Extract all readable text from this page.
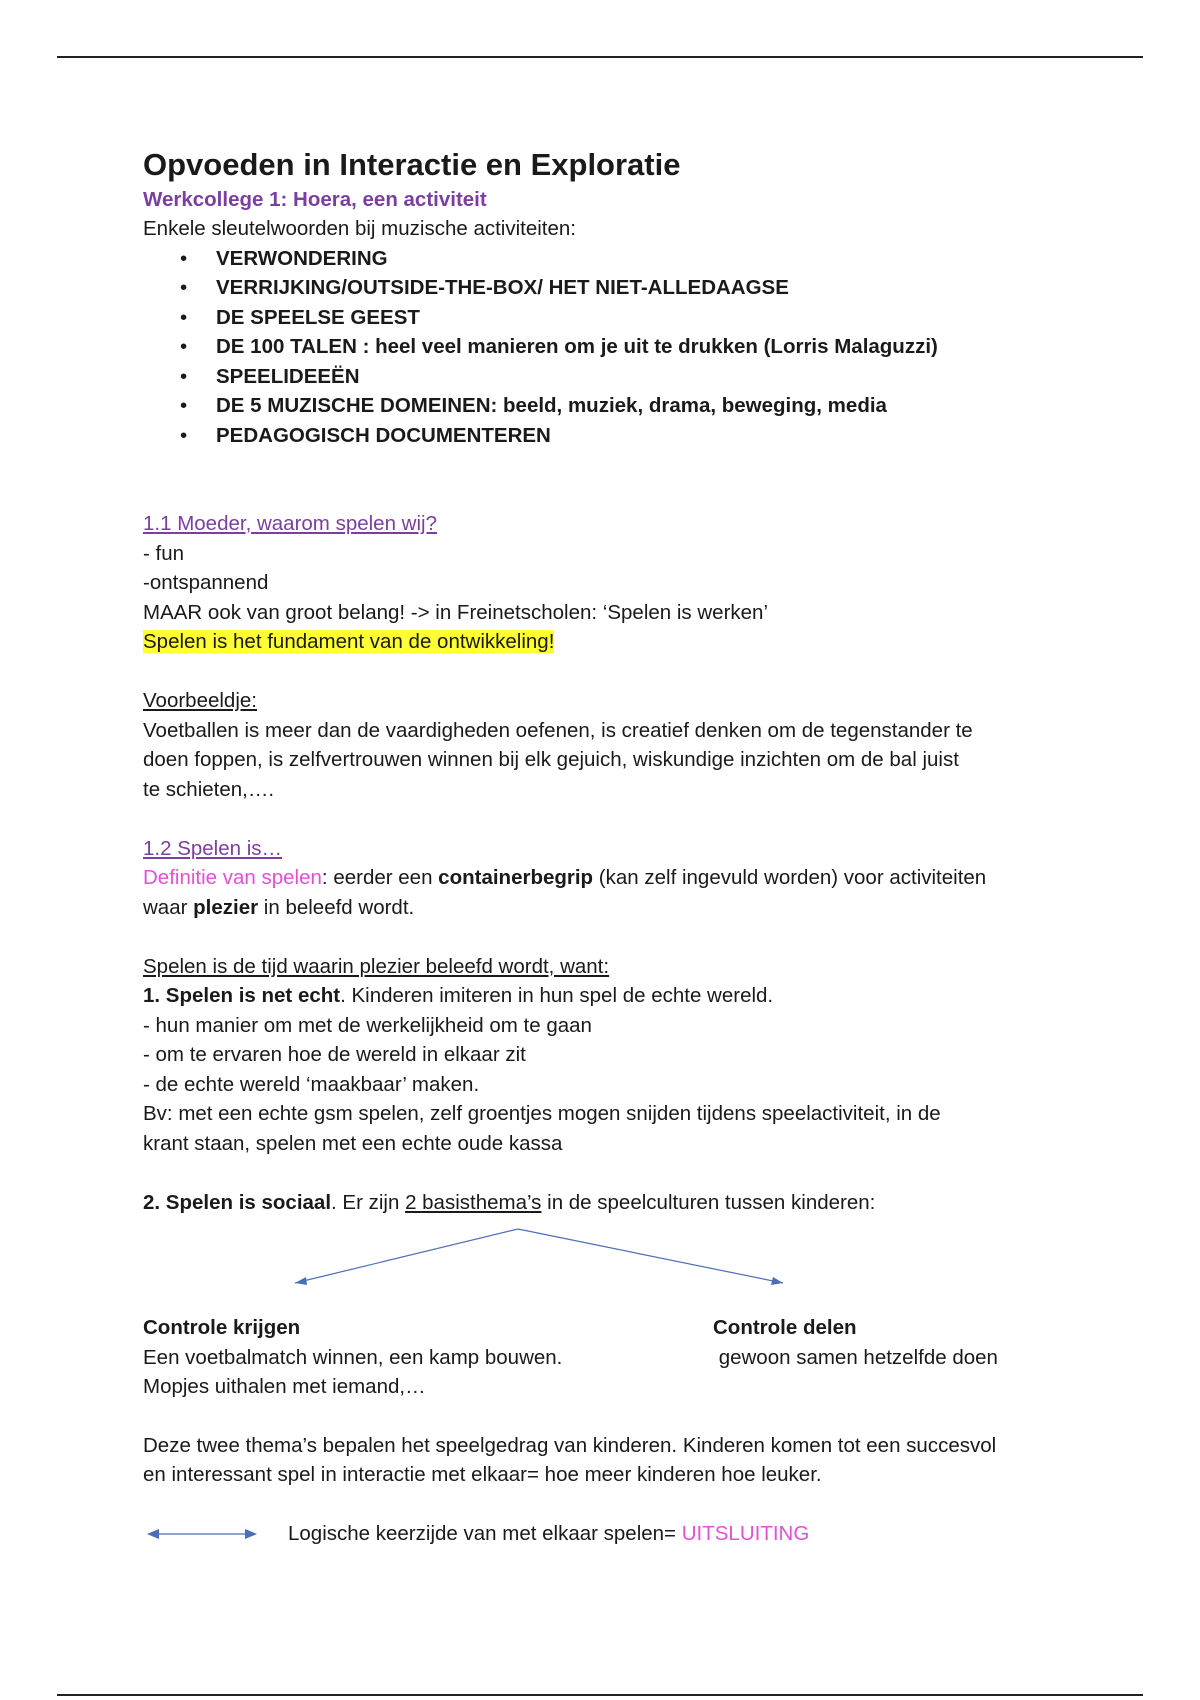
Opvoeden in Interactie en Exploratie
Werkcollege 1: Hoera, een activiteit
Enkele sleutelwoorden bij muzische activiteiten:
• VERWONDERING
• VERRIJKING/OUTSIDE-THE-BOX/ HET NIET-ALLEDAAGSE
• DE SPEELSE GEEST
• DE 100 TALEN : heel veel manieren om je uit te drukken (Lorris Malaguzzi)
• SPEELIDEEËN
• DE 5 MUZISCHE DOMEINEN: beeld, muziek, drama, beweging, media
• PEDAGOGISCH DOCUMENTEREN
1.1 Moeder, waarom spelen wij?
- fun
-ontspannend
MAAR ook van groot belang! -> in Freinetscholen: ‘Spelen is werken’
Spelen is het fundament van de ontwikkeling!
Voorbeeldje:
Voetballen is meer dan de vaardigheden oefenen, is creatief denken om de tegenstander te
doen foppen, is zelfvertrouwen winnen bij elk gejuich, wiskundige inzichten om de bal juist
te schieten,….
1.2 Spelen is…
Definitie van spelen: eerder een containerbegrip (kan zelf ingevuld worden) voor activiteiten
waar plezier in beleefd wordt.
Spelen is de tijd waarin plezier beleefd wordt, want:
1. Spelen is net echt. Kinderen imiteren in hun spel de echte wereld.
- hun manier om met de werkelijkheid om te gaan
- om te ervaren hoe de wereld in elkaar zit
- de echte wereld ‘maakbaar’ maken.
Bv: met een echte gsm spelen, zelf groentjes mogen snijden tijdens speelactiviteit, in de
krant staan, spelen met een echte oude kassa
2. Spelen is sociaal. Er zijn 2 basisthema’s in de speelculturen tussen kinderen:
Controle krijgen
Een voetbalmatch winnen, een kamp bouwen.
Mopjes uithalen met iemand,…
Controle delen
gewoon samen hetzelfde doen
Deze twee thema’s bepalen het speelgedrag van kinderen. Kinderen komen tot een succesvol
en interessant spel in interactie met elkaar= hoe meer kinderen hoe leuker.
Logische keerzijde van met elkaar spelen= UITSLUITING
